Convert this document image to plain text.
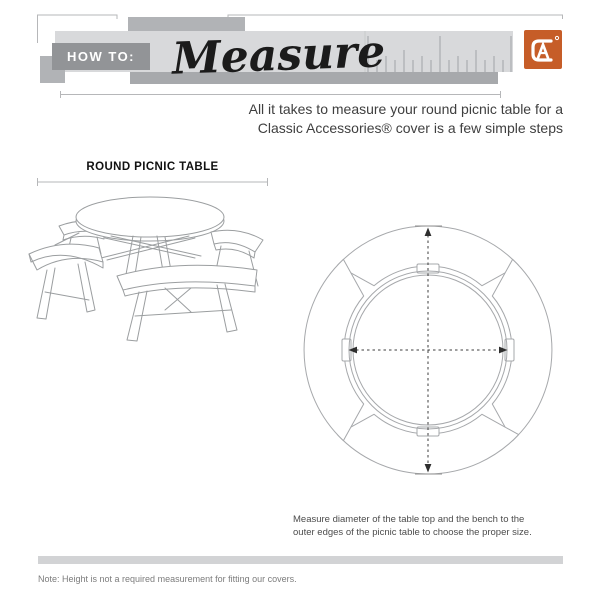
HOW TO: Measure
All it takes to measure your round picnic table for a
Classic Accessories® cover is a few simple steps
ROUND PICNIC TABLE
Measure diameter of the table top and the bench to the
outer edges of the picnic table to choose the proper size.
Note: Height is not a required measurement for fitting our covers.
